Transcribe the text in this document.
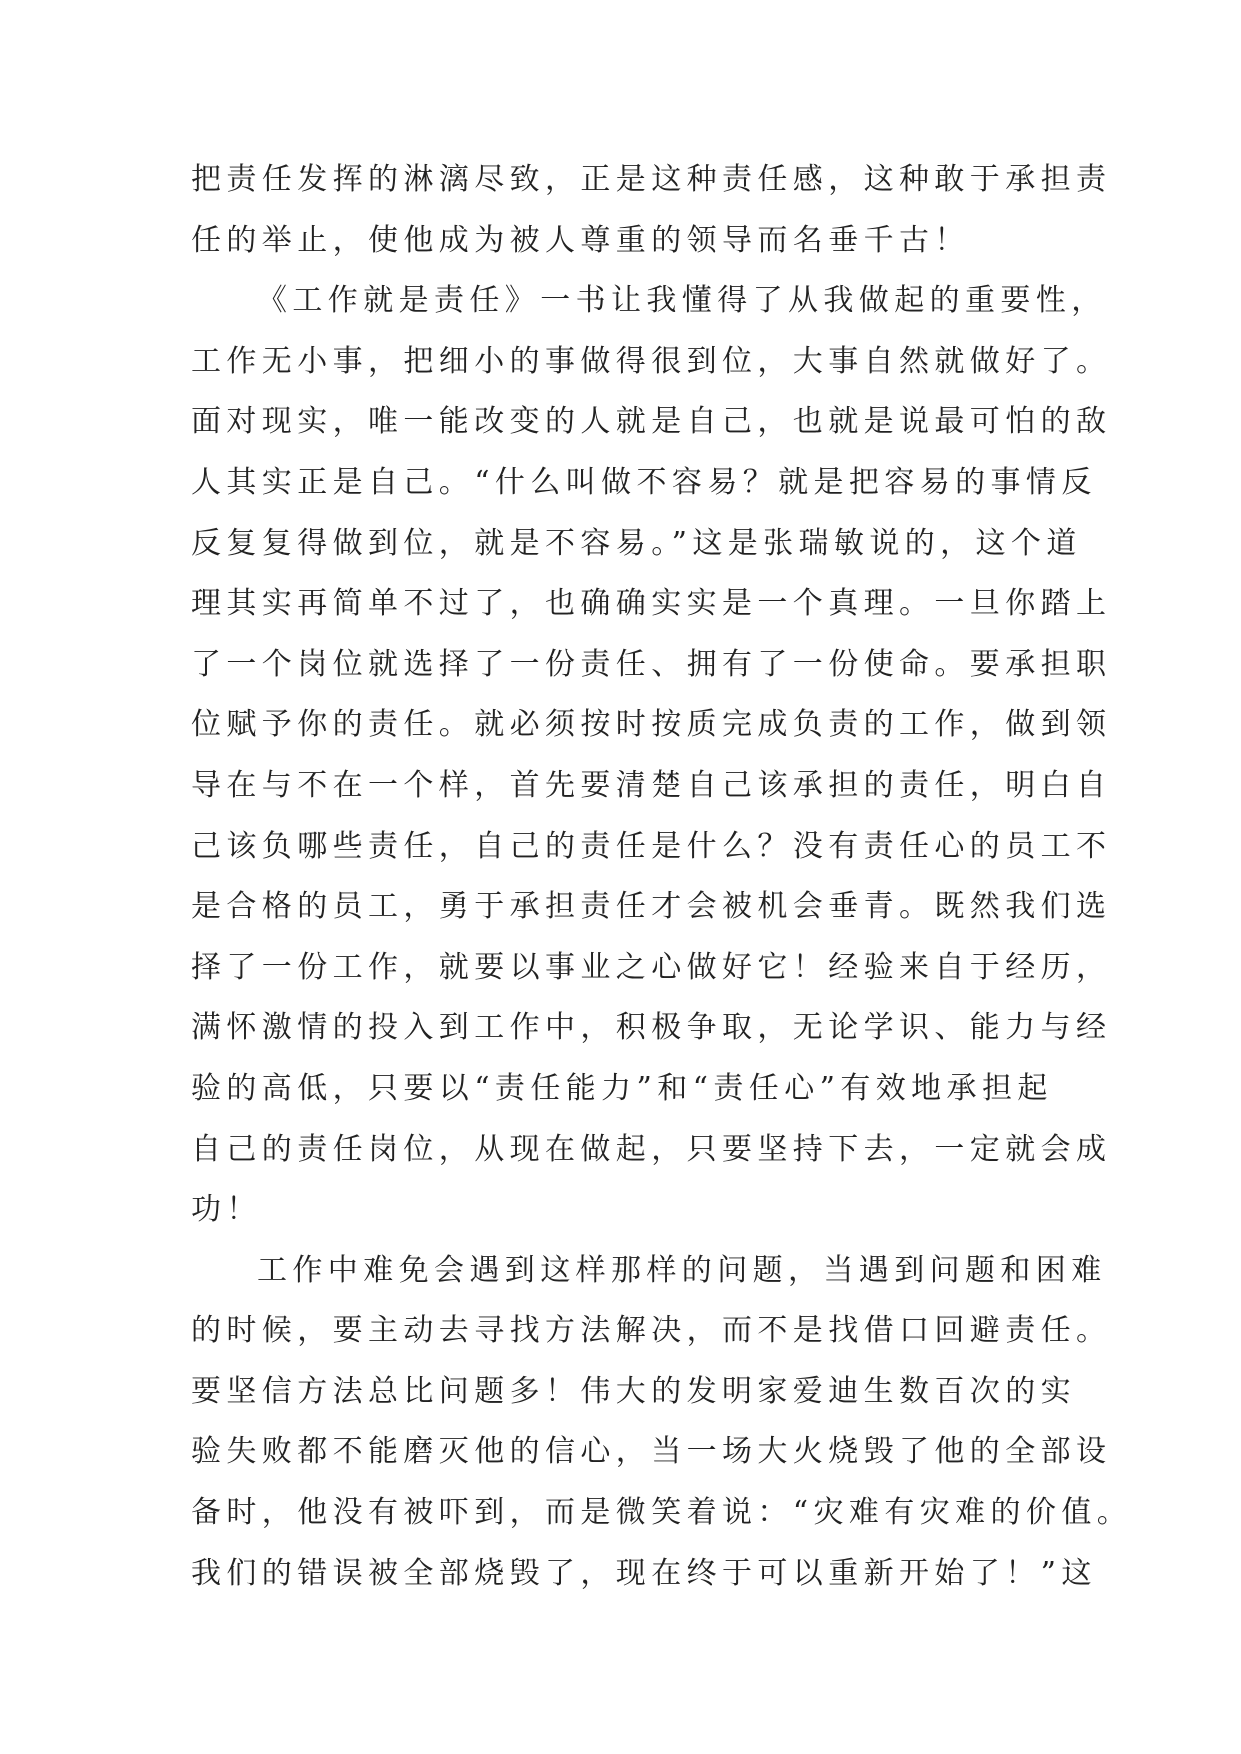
把责任发挥的淋漓尽致，正是这种责任感，这种敢于承担责
任的举止，使他成为被人尊重的领导而名垂千古！
《工作就是责任》一书让我懂得了从我做起的重要性，
工作无小事，把细小的事做得很到位，大事自然就做好了。
面对现实，唯一能改变的人就是自己，也就是说最可怕的敌
人其实正是自己。“什么叫做不容易？就是把容易的事情反
反复复得做到位，就是不容易。”这是张瑞敏说的，这个道
理其实再简单不过了，也确确实实是一个真理。一旦你踏上
了一个岗位就选择了一份责任、拥有了一份使命。要承担职
位赋予你的责任。就必须按时按质完成负责的工作，做到领
导在与不在一个样，首先要清楚自己该承担的责任，明白自
己该负哪些责任，自己的责任是什么？没有责任心的员工不
是合格的员工，勇于承担责任才会被机会垂青。既然我们选
择了一份工作，就要以事业之心做好它！经验来自于经历，
满怀激情的投入到工作中，积极争取，无论学识、能力与经
验的高低，只要以“责任能力”和“责任心”有效地承担起
自己的责任岗位，从现在做起，只要坚持下去，一定就会成
功！
工作中难免会遇到这样那样的问题，当遇到问题和困难
的时候，要主动去寻找方法解决，而不是找借口回避责任。
要坚信方法总比问题多！伟大的发明家爱迪生数百次的实
验失败都不能磨灭他的信心，当一场大火烧毁了他的全部设
备时，他没有被吓到，而是微笑着说：“灾难有灾难的价值。
我们的错误被全部烧毁了，现在终于可以重新开始了！”这
